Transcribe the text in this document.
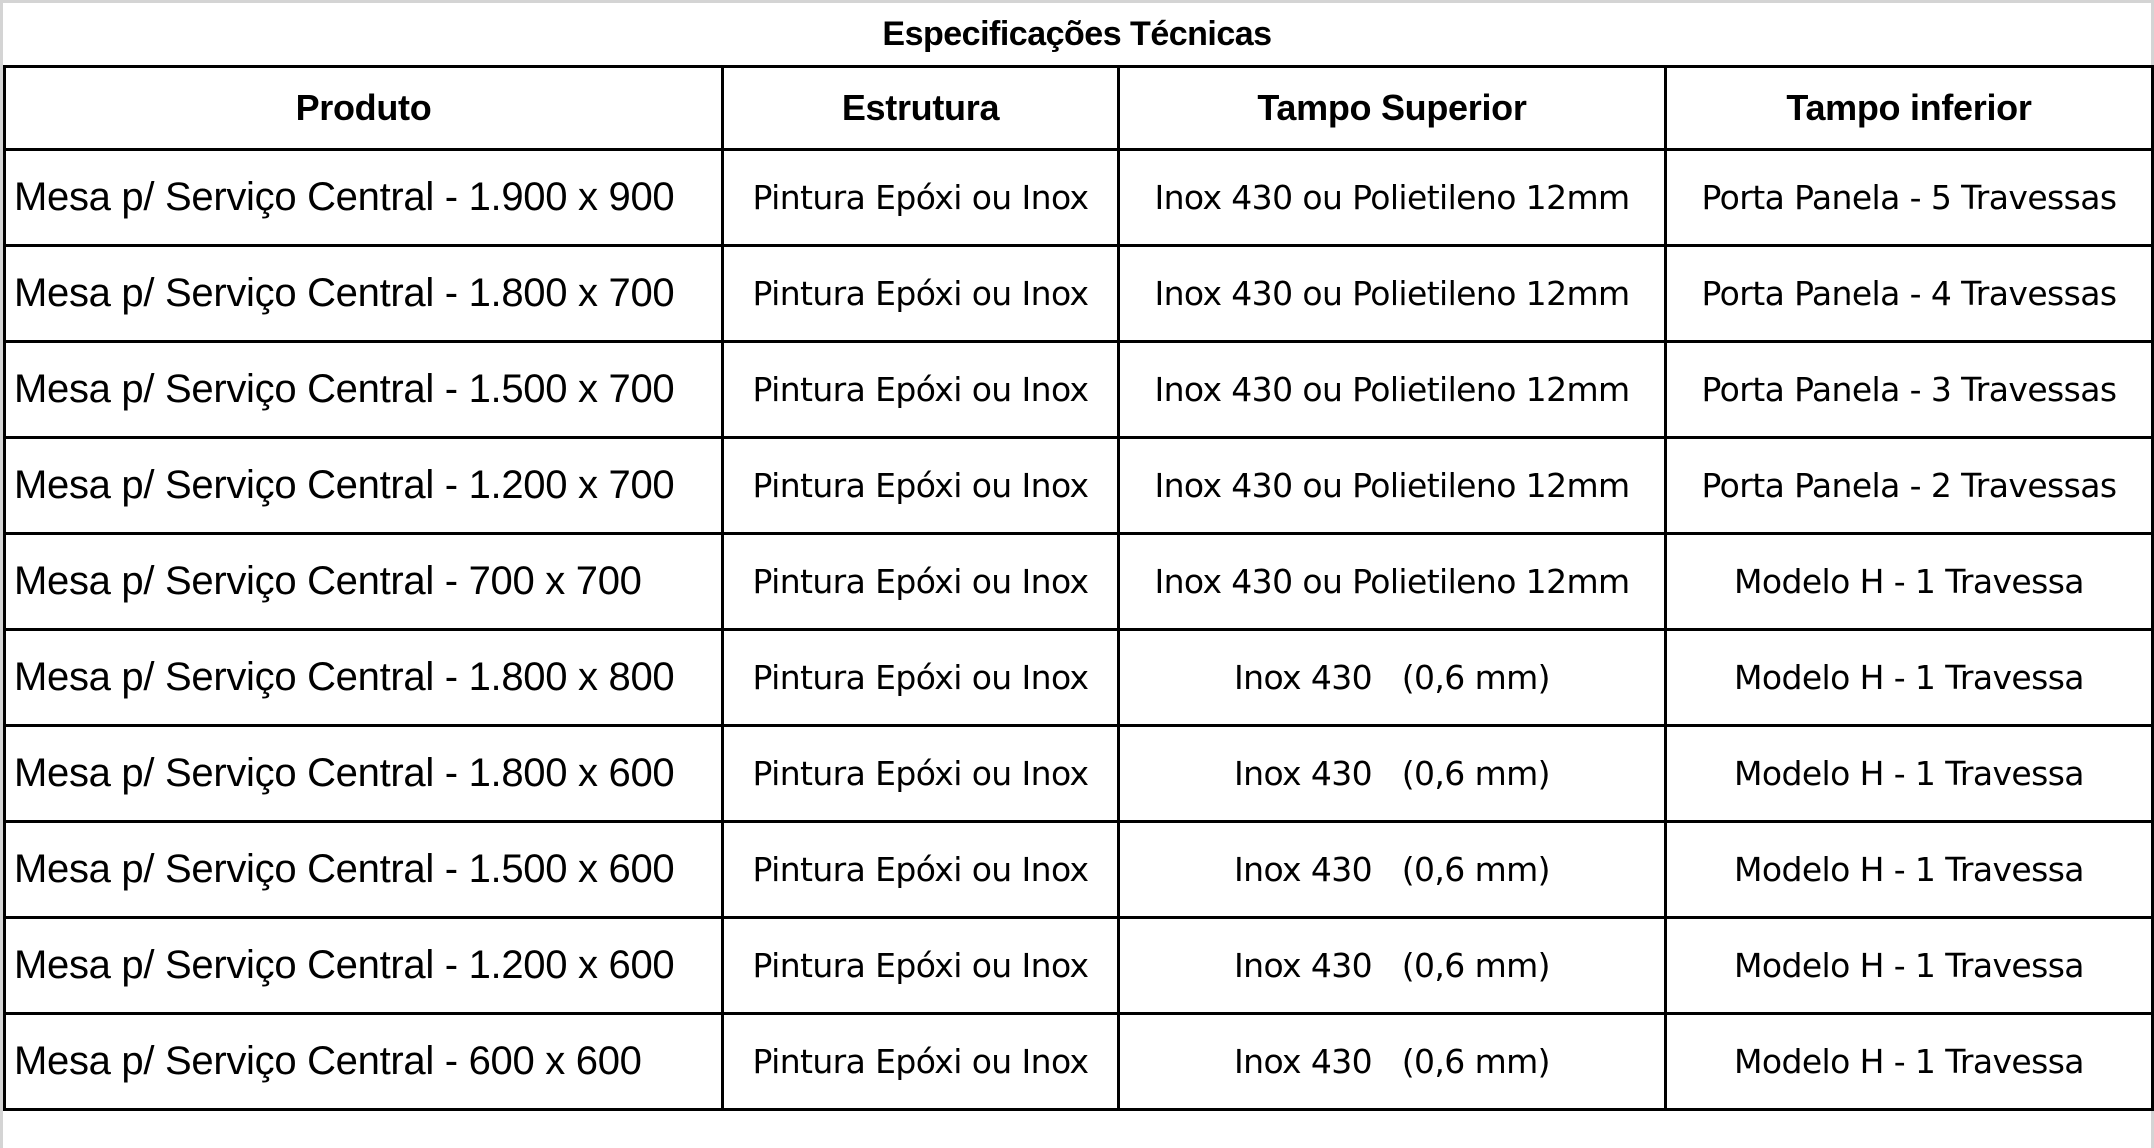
Especificações Técnicas
Produto	Estrutura	Tampo Superior	Tampo inferior
Mesa p/ Serviço Central - 1.900 x 900	Pintura Epóxi ou Inox	Inox 430 ou Polietileno 12mm	Porta Panela - 5 Travessas
Mesa p/ Serviço Central - 1.800 x 700	Pintura Epóxi ou Inox	Inox 430 ou Polietileno 12mm	Porta Panela - 4 Travessas
Mesa p/ Serviço Central - 1.500 x 700	Pintura Epóxi ou Inox	Inox 430 ou Polietileno 12mm	Porta Panela - 3 Travessas
Mesa p/ Serviço Central - 1.200 x 700	Pintura Epóxi ou Inox	Inox 430 ou Polietileno 12mm	Porta Panela - 2 Travessas
Mesa p/ Serviço Central - 700 x 700	Pintura Epóxi ou Inox	Inox 430 ou Polietileno 12mm	Modelo H - 1 Travessa
Mesa p/ Serviço Central - 1.800 x 800	Pintura Epóxi ou Inox	Inox 430   (0,6 mm)	Modelo H - 1 Travessa
Mesa p/ Serviço Central - 1.800 x 600	Pintura Epóxi ou Inox	Inox 430   (0,6 mm)	Modelo H - 1 Travessa
Mesa p/ Serviço Central - 1.500 x 600	Pintura Epóxi ou Inox	Inox 430   (0,6 mm)	Modelo H - 1 Travessa
Mesa p/ Serviço Central - 1.200 x 600	Pintura Epóxi ou Inox	Inox 430   (0,6 mm)	Modelo H - 1 Travessa
Mesa p/ Serviço Central - 600 x 600	Pintura Epóxi ou Inox	Inox 430   (0,6 mm)	Modelo H - 1 Travessa
